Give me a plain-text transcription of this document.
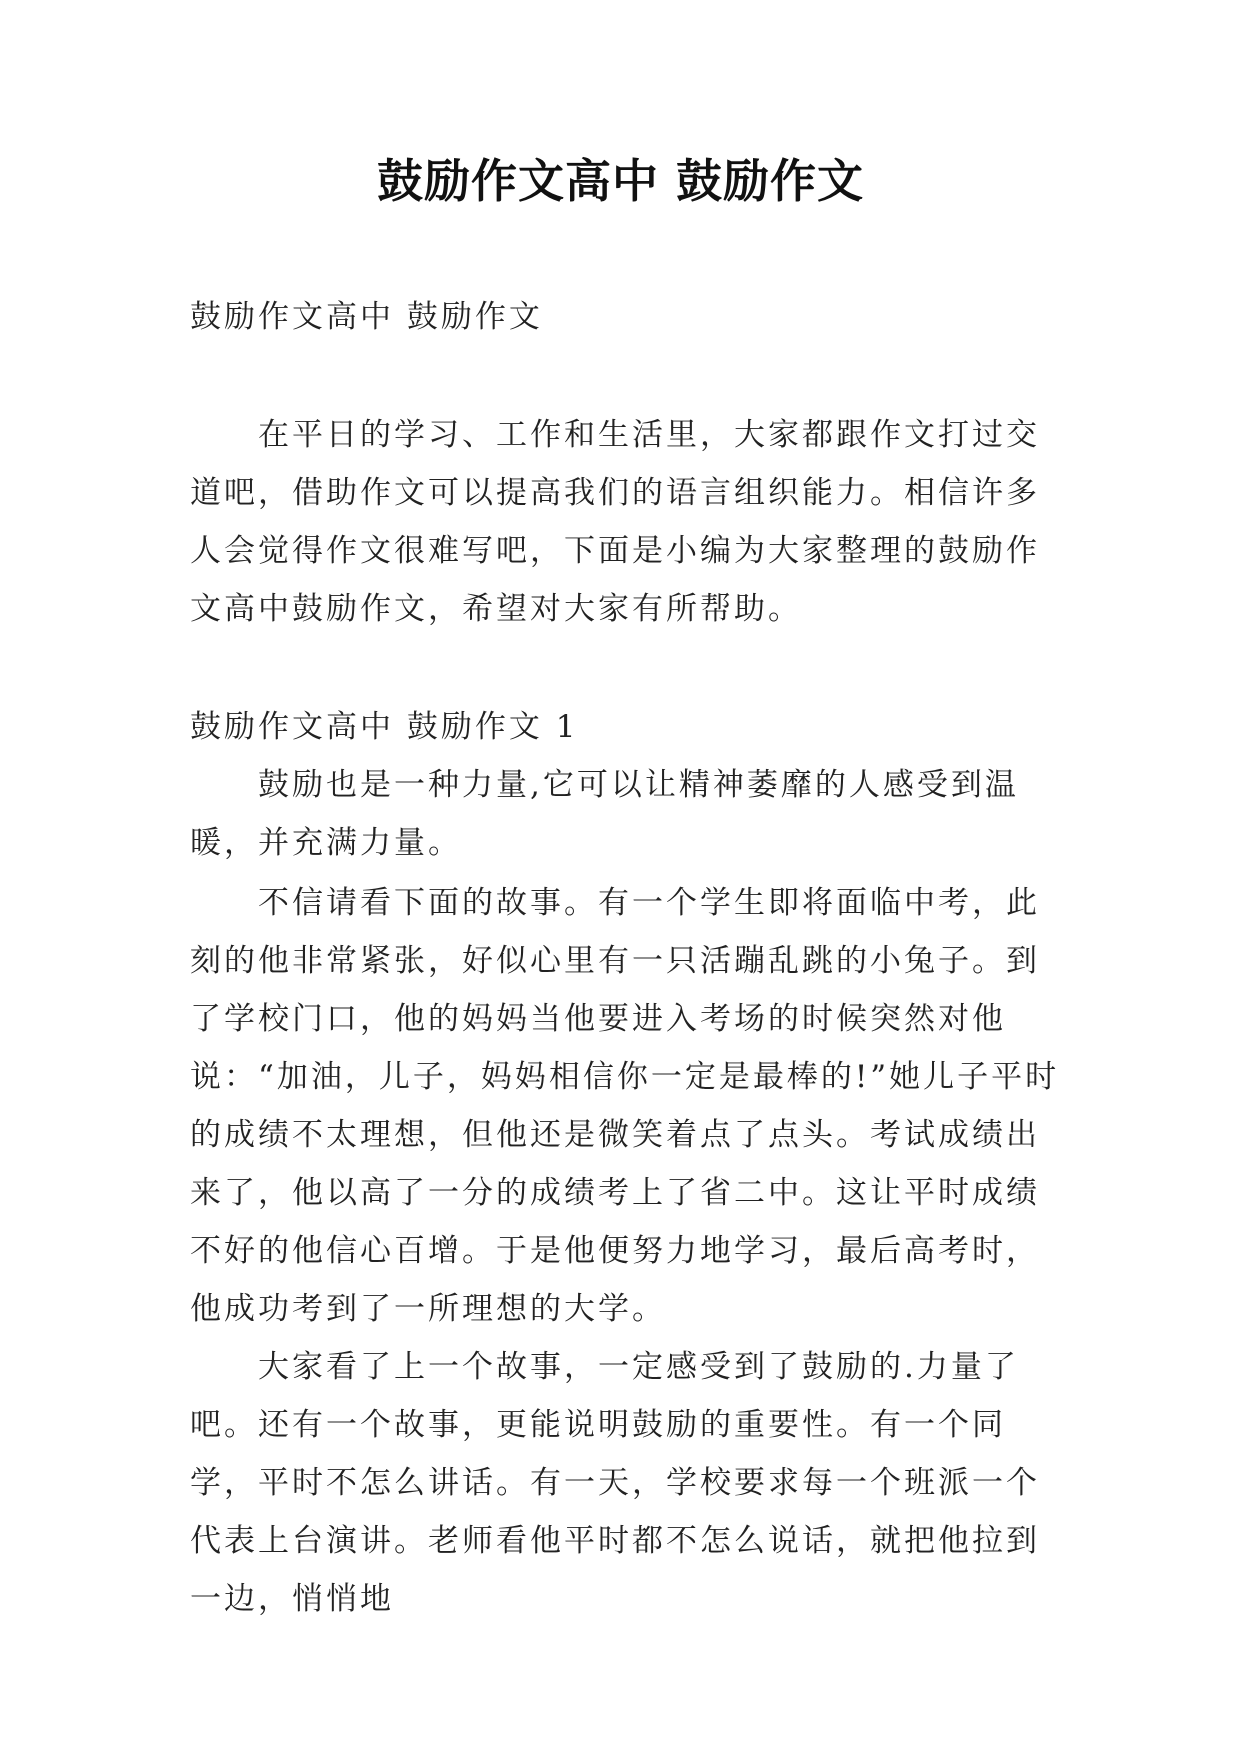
鼓励作文高中 鼓励作文

鼓励作文高中 鼓励作文

在平日的学习、工作和生活里，大家都跟作文打过交道吧，借助作文可以提高我们的语言组织能力。相信许多人会觉得作文很难写吧，下面是小编为大家整理的鼓励作文高中鼓励作文，希望对大家有所帮助。

鼓励作文高中 鼓励作文 1

鼓励也是一种力量,它可以让精神萎靡的人感受到温暖，并充满力量。

不信请看下面的故事。有一个学生即将面临中考，此刻的他非常紧张，好似心里有一只活蹦乱跳的小兔子。到了学校门口，他的妈妈当他要进入考场的时候突然对他说：“加油，儿子，妈妈相信你一定是最棒的!”她儿子平时的成绩不太理想，但他还是微笑着点了点头。考试成绩出来了，他以高了一分的成绩考上了省二中。这让平时成绩不好的他信心百增。于是他便努力地学习，最后高考时，他成功考到了一所理想的大学。

大家看了上一个故事，一定感受到了鼓励的.力量了吧。还有一个故事，更能说明鼓励的重要性。有一个同学，平时不怎么讲话。有一天，学校要求每一个班派一个代表上台演讲。老师看他平时都不怎么说话，就把他拉到一边，悄悄地
